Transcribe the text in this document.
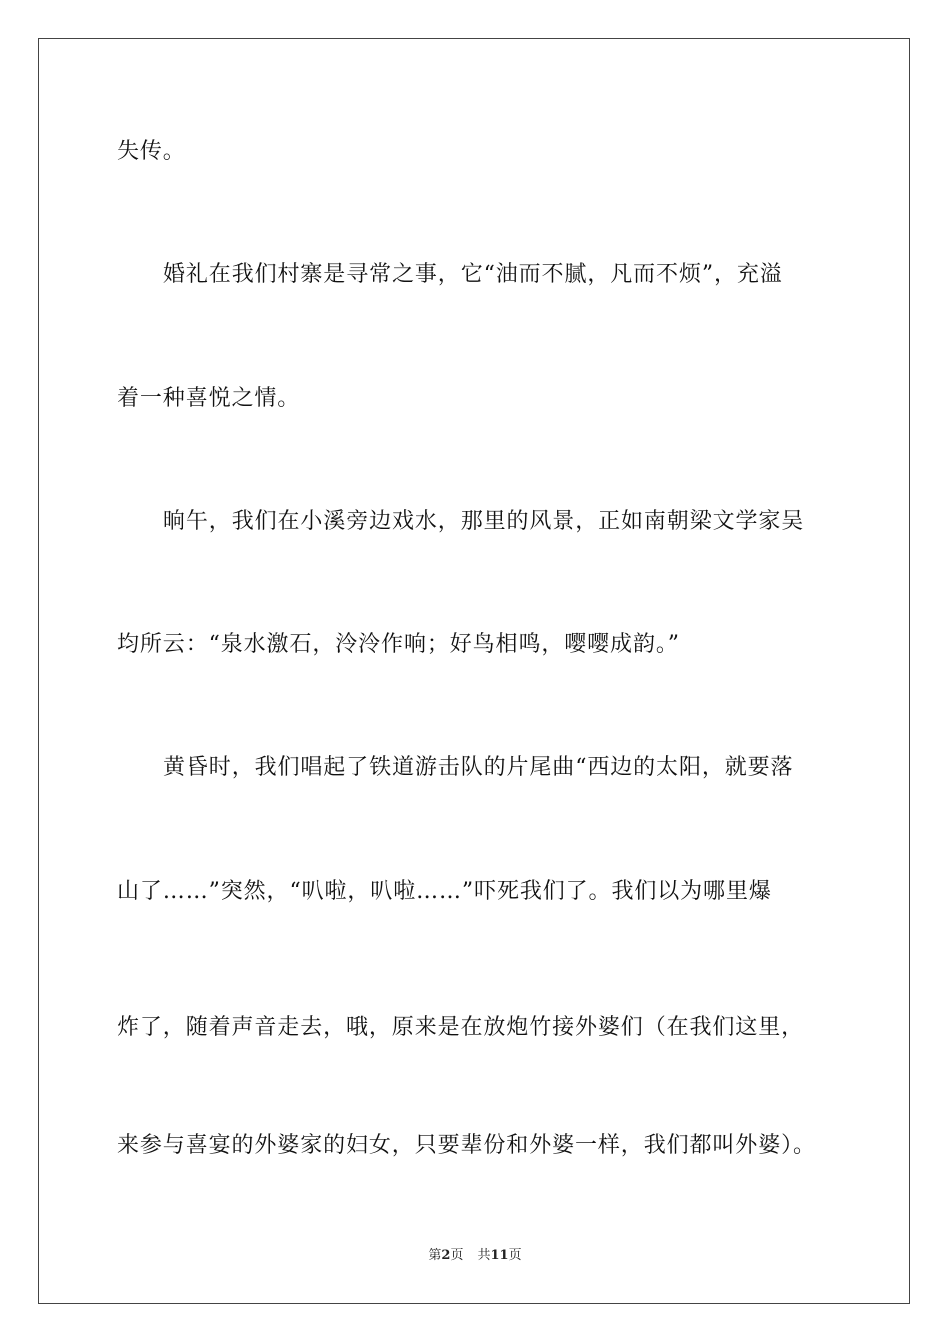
失传。
婚礼在我们村寨是寻常之事，它“油而不腻，凡而不烦”，充溢
着一种喜悦之情。
晌午，我们在小溪旁边戏水，那里的风景，正如南朝梁文学家吴
均所云：“泉水激石，泠泠作响；好鸟相鸣，嘤嘤成韵。”
黄昏时，我们唱起了铁道游击队的片尾曲“西边的太阳，就要落
山了……”突然，“叭啦，叭啦……”吓死我们了。我们以为哪里爆
炸了，随着声音走去，哦，原来是在放炮竹接外婆们（在我们这里，
来参与喜宴的外婆家的妇女，只要辈份和外婆一样，我们都叫外婆）。
第2页 共11页
